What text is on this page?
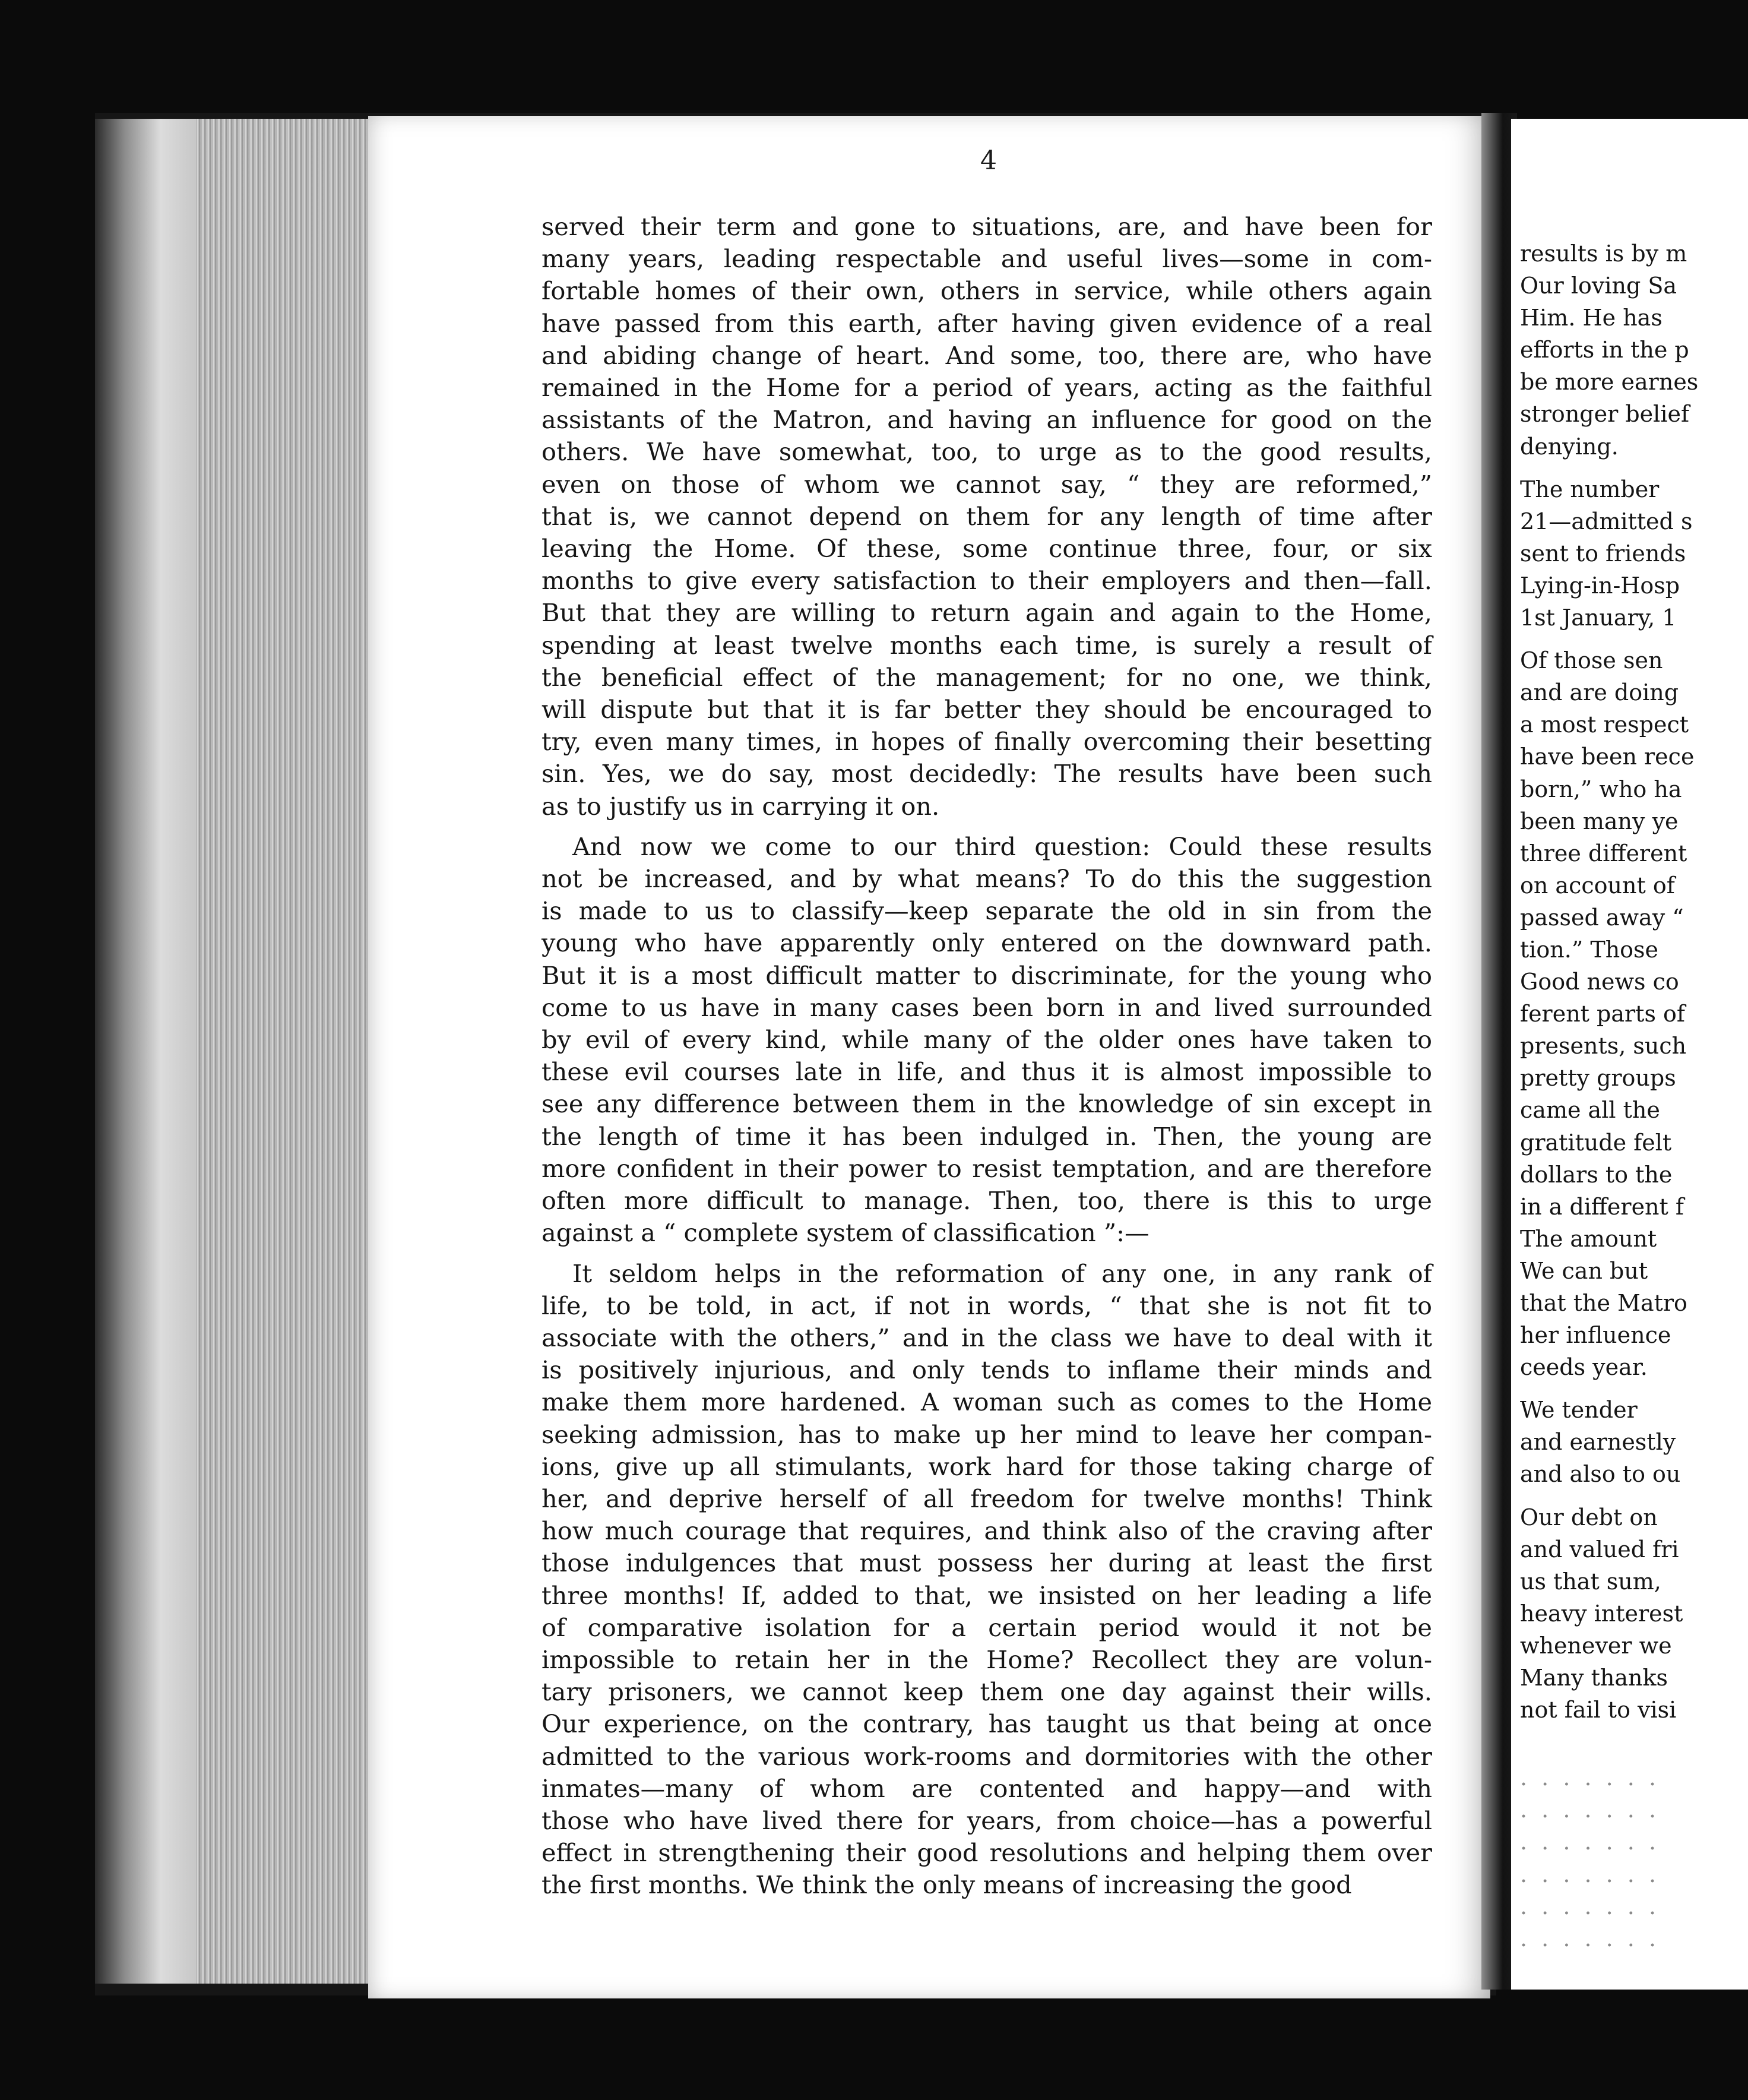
4

served their term and gone to situations, are, and have been for
many years, leading respectable and useful lives—some in com-
fortable homes of their own, others in service, while others again
have passed from this earth, after having given evidence of a real
and abiding change of heart. And some, too, there are, who have
remained in the Home for a period of years, acting as the faithful
assistants of the Matron, and having an influence for good on the
others. We have somewhat, too, to urge as to the good results,
even on those of whom we cannot say, “ they are reformed,”
that is, we cannot depend on them for any length of time after
leaving the Home. Of these, some continue three, four, or six
months to give every satisfaction to their employers and then—fall.
But that they are willing to return again and again to the Home,
spending at least twelve months each time, is surely a result of
the beneficial effect of the management; for no one, we think,
will dispute but that it is far better they should be encouraged to
try, even many times, in hopes of finally overcoming their besetting
sin. Yes, we do say, most decidedly: The results have been such
as to justify us in carrying it on.

And now we come to our third question: Could these results
not be increased, and by what means? To do this the suggestion
is made to us to classify—keep separate the old in sin from the
young who have apparently only entered on the downward path.
But it is a most difficult matter to discriminate, for the young who
come to us have in many cases been born in and lived surrounded
by evil of every kind, while many of the older ones have taken to
these evil courses late in life, and thus it is almost impossible to
see any difference between them in the knowledge of sin except in
the length of time it has been indulged in. Then, the young are
more confident in their power to resist temptation, and are therefore
often more difficult to manage. Then, too, there is this to urge
against a “ complete system of classification ”:—

It seldom helps in the reformation of any one, in any rank of
life, to be told, in act, if not in words, “ that she is not fit to
associate with the others,” and in the class we have to deal with it
is positively injurious, and only tends to inflame their minds and
make them more hardened. A woman such as comes to the Home
seeking admission, has to make up her mind to leave her compan-
ions, give up all stimulants, work hard for those taking charge of
her, and deprive herself of all freedom for twelve months! Think
how much courage that requires, and think also of the craving after
those indulgences that must possess her during at least the first
three months! If, added to that, we insisted on her leading a life
of comparative isolation for a certain period would it not be
impossible to retain her in the Home? Recollect they are volun-
tary prisoners, we cannot keep them one day against their wills.
Our experience, on the contrary, has taught us that being at once
admitted to the various work-rooms and dormitories with the other
inmates—many of whom are contented and happy—and with
those who have lived there for years, from choice—has a powerful
effect in strengthening their good resolutions and helping them over
the first months. We think the only means of increasing the good

results is by m
Our loving Sa
Him. He has
efforts in the p
be more earnes
stronger belief
denying.
The number
21—admitted s
sent to friends
Lying-in-Hosp
1st January, 1
Of those sen
and are doing
a most respect
have been rece
born,” who ha
been many ye
three different
on account of
passed away “
tion.” Those
Good news co
ferent parts of
presents, such
pretty groups
came all the
gratitude felt
dollars to the
in a different f
The amount
We can but
that the Matro
her influence
ceeds year.
We tender
and earnestly
and also to ou
Our debt on
and valued fri
us that sum,
heavy interest
whenever we
Many thanks
not fail to visi
. . . . . . .
. . . . . . .
. . . . . . .
. . . . . . .
. . . . . . .
. . . . . . .
